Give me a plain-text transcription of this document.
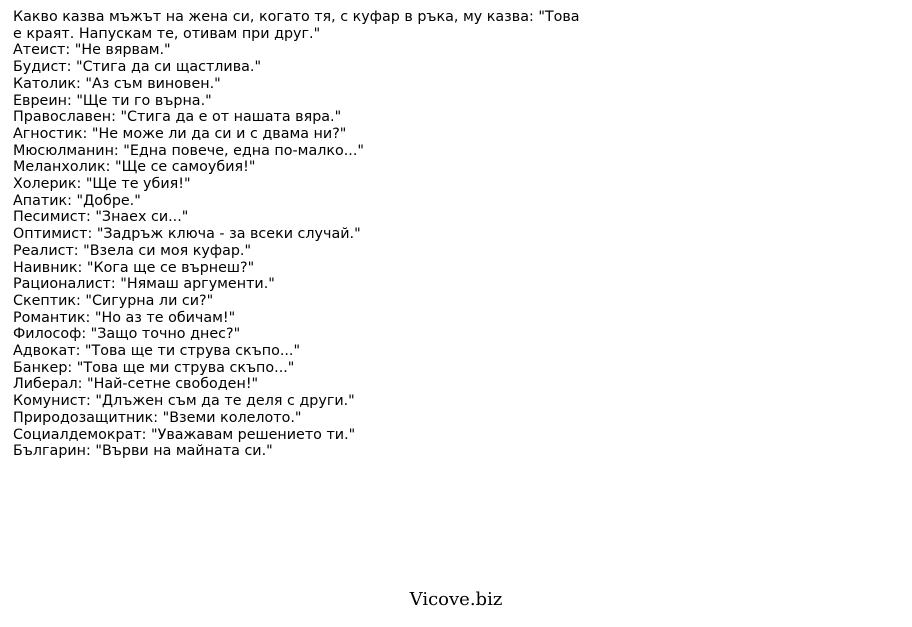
Какво казва мъжът на жена си, когато тя, с куфар в ръка, му казва: "Това е краят. Напускам те, отивам при друг."
Атеист: "Не вярвам."
Будист: "Стига да си щастлива."
Католик: "Аз съм виновен."
Евреин: "Ще ти го върна."
Православен: "Стига да е от нашата вяра."
Агностик: "Не може ли да си и с двама ни?"
Мюсюлманин: "Една повече, една по-малко..."
Меланхолик: "Ще се самоубия!"
Холерик: "Ще те убия!"
Апатик: "Добре."
Песимист: "Знаех си..."
Оптимист: "Задръж ключа - за всеки случай."
Реалист: "Взела си моя куфар."
Наивник: "Кога ще се върнеш?"
Рационалист: "Нямаш аргументи."
Скептик: "Сигурна ли си?"
Романтик: "Но аз те обичам!"
Философ: "Защо точно днес?"
Адвокат: "Това ще ти струва скъпо..."
Банкер: "Това ще ми струва скъпо..."
Либерал: "Най-сетне свободен!"
Комунист: "Длъжен съм да те деля с други."
Природозащитник: "Вземи колелото."
Социалдемократ: "Уважавам решението ти."
Българин: "Върви на майната си."
Vicove.biz
